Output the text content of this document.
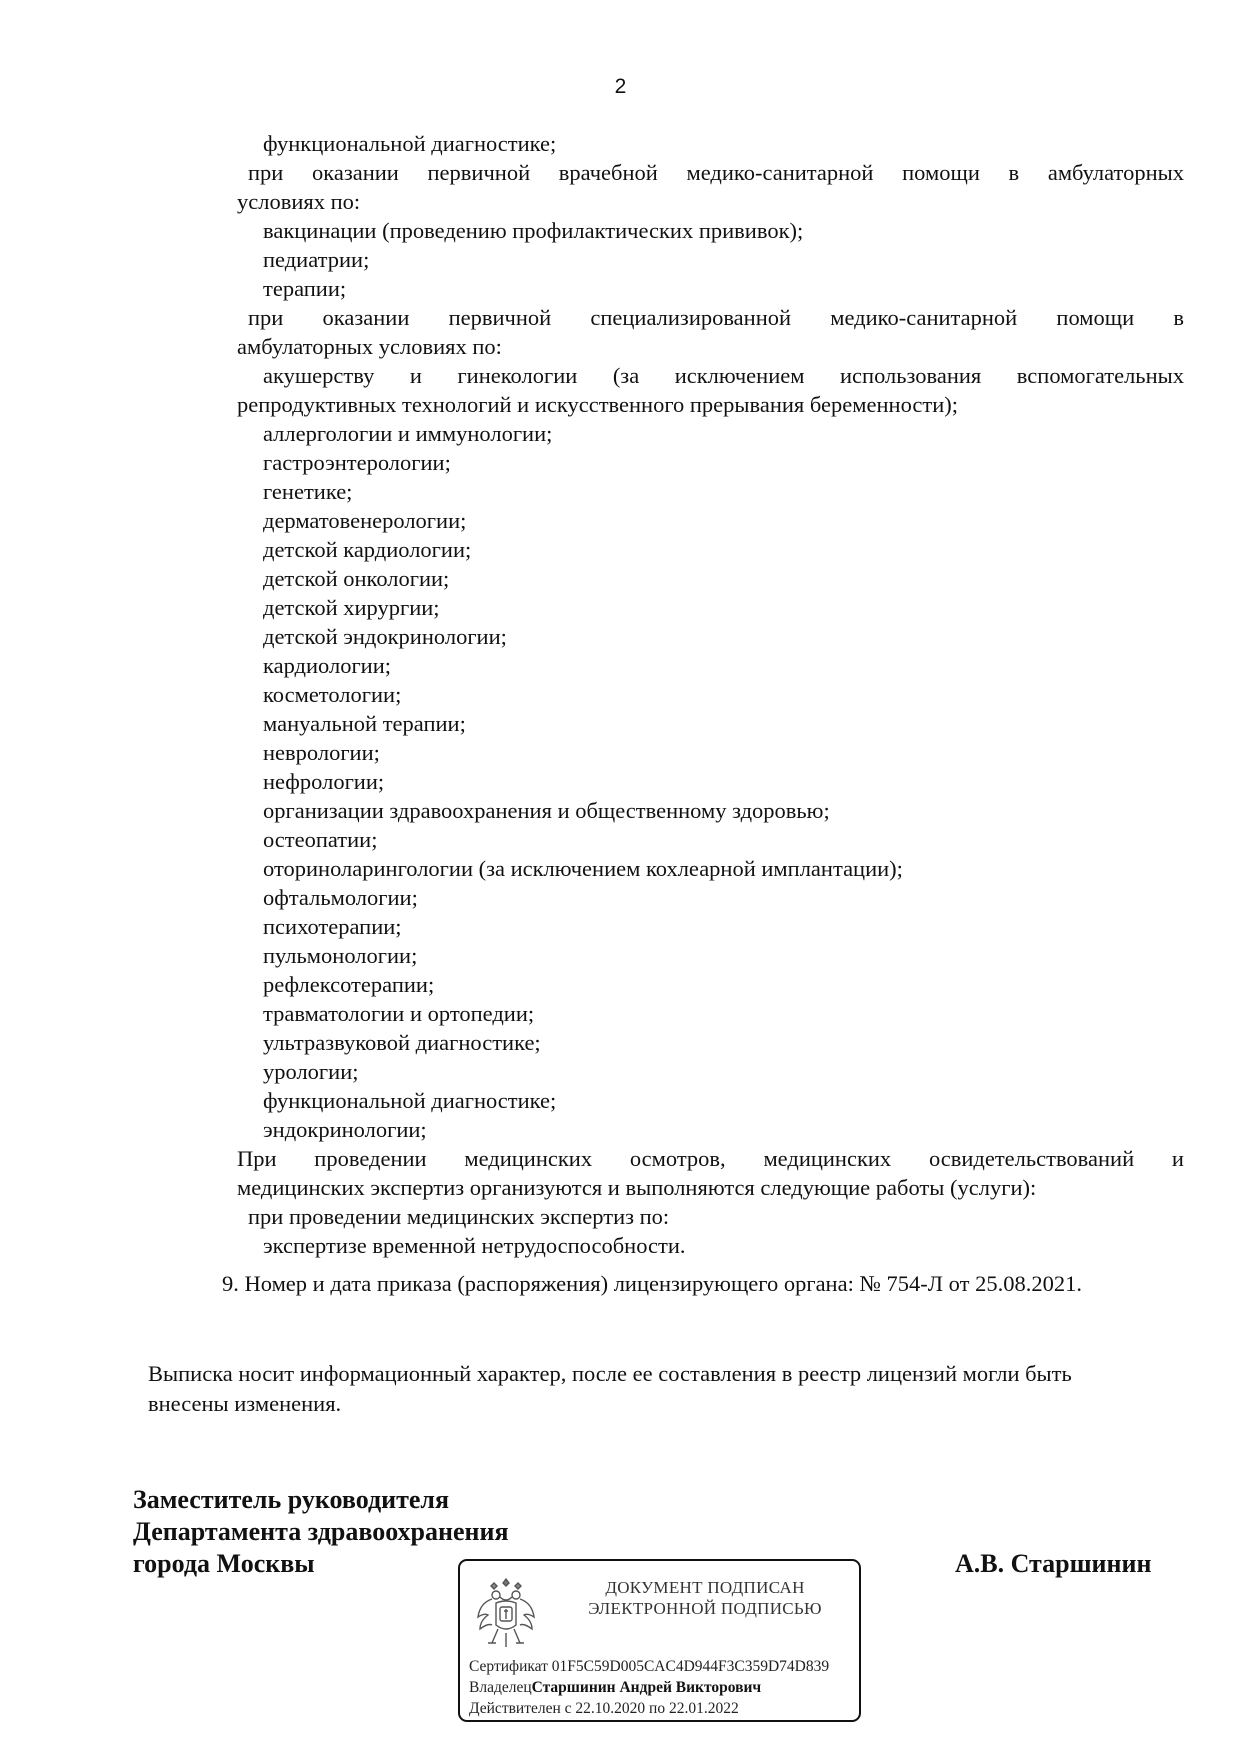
2
функциональной диагностике;
при оказании первичной врачебной медико-санитарной помощи в амбулаторных
условиях по:
вакцинации (проведению профилактических прививок);
педиатрии;
терапии;
при оказании первичной специализированной медико-санитарной помощи в
амбулаторных условиях по:
акушерству и гинекологии (за исключением использования вспомогательных
репродуктивных технологий и искусственного прерывания беременности);
аллергологии и иммунологии;
гастроэнтерологии;
генетике;
дерматовенерологии;
детской кардиологии;
детской онкологии;
детской хирургии;
детской эндокринологии;
кардиологии;
косметологии;
мануальной терапии;
неврологии;
нефрологии;
организации здравоохранения и общественному здоровью;
остеопатии;
оториноларингологии (за исключением кохлеарной имплантации);
офтальмологии;
психотерапии;
пульмонологии;
рефлексотерапии;
травматологии и ортопедии;
ультразвуковой диагностике;
урологии;
функциональной диагностике;
эндокринологии;
При проведении медицинских осмотров, медицинских освидетельствований и
медицинских экспертиз организуются и выполняются следующие работы (услуги):
при проведении медицинских экспертиз по:
экспертизе временной нетрудоспособности.
9. Номер и дата приказа (распоряжения) лицензирующего органа: № 754-Л от 25.08.2021.
Выписка носит информационный характер, после ее составления в реестр лицензий могли быть
внесены изменения.
Заместитель руководителя
Департамента здравоохранения
города Москвы	А.В. Старшинин
ДОКУМЕНТ ПОДПИСАН
ЭЛЕКТРОННОЙ ПОДПИСЬЮ
Сертификат 01F5C59D005CAC4D944F3C359D74D839
ВладелецСтаршинин Андрей Викторович
Действителен с 22.10.2020 по 22.01.2022
